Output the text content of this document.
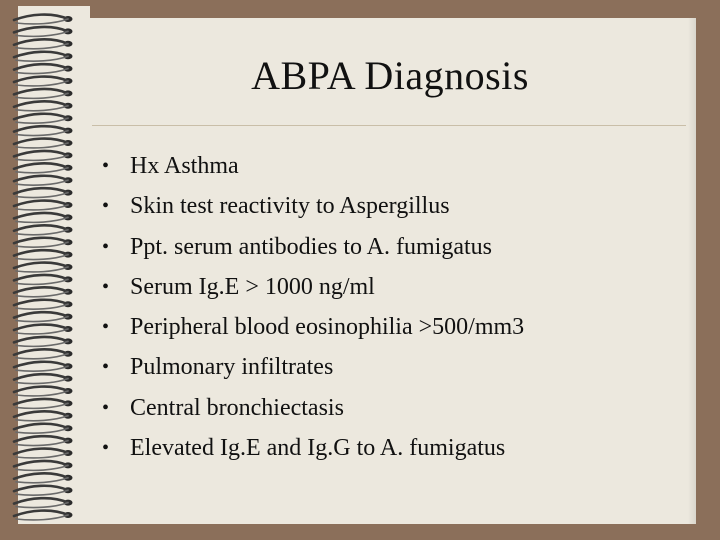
ABPA Diagnosis
• Hx Asthma
• Skin test reactivity to Aspergillus
• Ppt. serum antibodies to A. fumigatus
• Serum Ig.E > 1000 ng/ml
• Peripheral blood eosinophilia >500/mm3
• Pulmonary infiltrates
• Central bronchiectasis
• Elevated Ig.E and Ig.G to A. fumigatus
